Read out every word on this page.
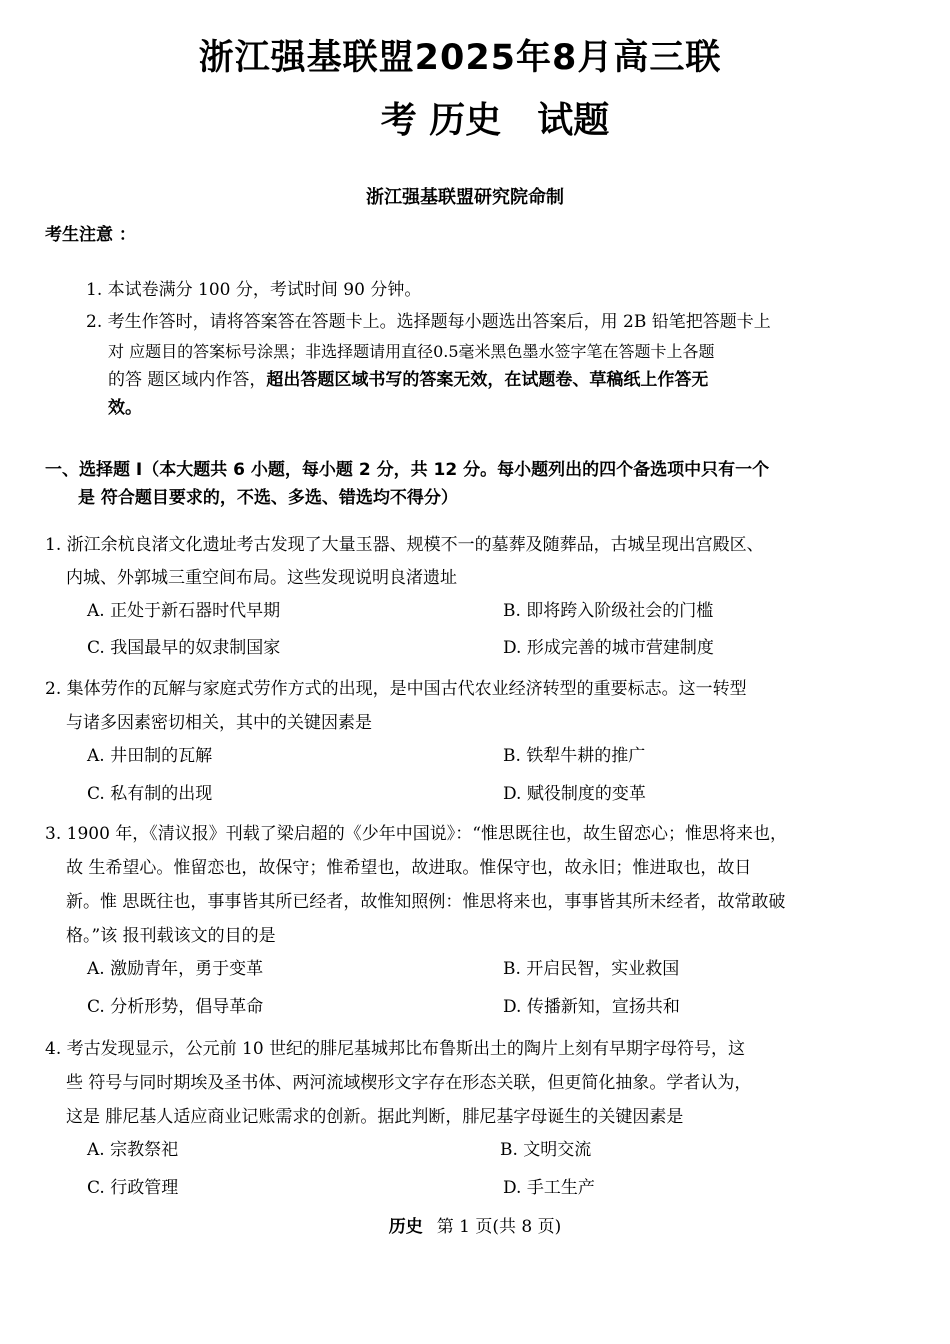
浙江强基联盟2025年8月高三联
考 历史 试题
浙江强基联盟研究院命制
考生注意 ：
1. 本试卷满分 100 分，考试时间 90 分钟。
2. 考生作答时，请将答案答在答题卡上。选择题每小题选出答案后，用 2B 铅笔把答题卡上
对 应题目的答案标号涂黑；非选择题请用直径0.5毫米黑色墨水签字笔在答题卡上各题
的答 题区域内作答，超出答题区域书写的答案无效，在试题卷、草稿纸上作答无
效。
一、选择题 I（本大题共 6 小题，每小题 2 分，共 12 分。每小题列出的四个备选项中只有一个
是 符合题目要求的，不选、多选、错选均不得分）
1. 浙江余杭良渚文化遗址考古发现了大量玉器、规模不一的墓葬及随葬品，古城呈现出宫殿区、
内城、外郭城三重空间布局。这些发现说明良渚遗址
A. 正处于新石器时代早期	B. 即将跨入阶级社会的门槛
C. 我国最早的奴隶制国家	D. 形成完善的城市营建制度
2. 集体劳作的瓦解与家庭式劳作方式的出现，是中国古代农业经济转型的重要标志。这一转型
与诸多因素密切相关，其中的关键因素是
A. 井田制的瓦解	B. 铁犁牛耕的推广
C. 私有制的出现	D. 赋役制度的变革
3. 1900 年，《清议报》刊载了梁启超的《少年中国说》：“惟思既往也，故生留恋心；惟思将来也，
故 生希望心。惟留恋也，故保守；惟希望也，故进取。惟保守也，故永旧；惟进取也，故日
新。惟 思既往也，事事皆其所已经者，故惟知照例：惟思将来也，事事皆其所未经者，故常敢破
格。”该 报刊载该文的目的是
A. 激励青年，勇于变革	B. 开启民智，实业救国
C. 分析形势，倡导革命	D. 传播新知，宣扬共和
4. 考古发现显示，公元前 10 世纪的腓尼基城邦比布鲁斯出土的陶片上刻有早期字母符号，这
些 符号与同时期埃及圣书体、两河流域楔形文字存在形态关联，但更简化抽象。学者认为，
这是 腓尼基人适应商业记账需求的创新。据此判断，腓尼基字母诞生的关键因素是
A. 宗教祭祀	B. 文明交流
C. 行政管理	D. 手工生产
历史 第 1 页(共 8 页)
